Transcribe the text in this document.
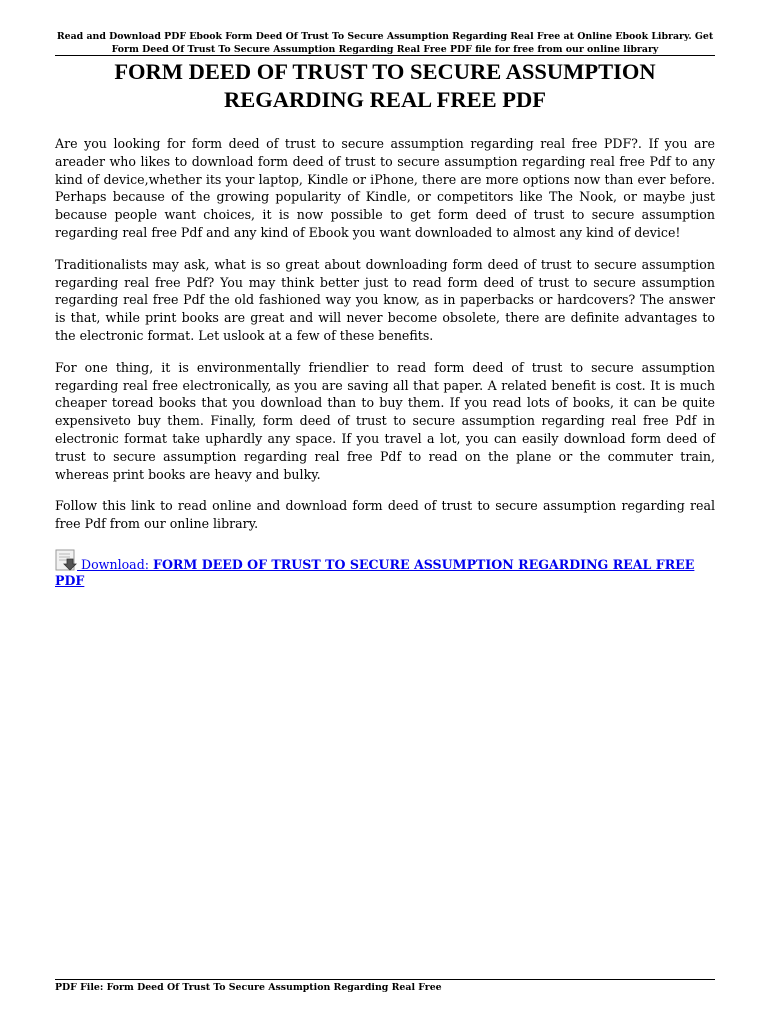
Read and Download PDF Ebook Form Deed Of Trust To Secure Assumption Regarding Real Free at Online Ebook Library. Get Form Deed Of Trust To Secure Assumption Regarding Real Free PDF file for free from our online library
FORM DEED OF TRUST TO SECURE ASSUMPTION REGARDING REAL FREE PDF

Are you looking for form deed of trust to secure assumption regarding real free PDF?. If you are areader who likes to download form deed of trust to secure assumption regarding real free Pdf to any kind of device,whether its your laptop, Kindle or iPhone, there are more options now than ever before. Perhaps because of the growing popularity of Kindle, or competitors like The Nook, or maybe just because people want choices, it is now possible to get form deed of trust to secure assumption regarding real free Pdf and any kind of Ebook you want downloaded to almost any kind of device!

Traditionalists may ask, what is so great about downloading form deed of trust to secure assumption regarding real free Pdf? You may think better just to read form deed of trust to secure assumption regarding real free Pdf the old fashioned way you know, as in paperbacks or hardcovers? The answer is that, while print books are great and will never become obsolete, there are definite advantages to the electronic format. Let uslook at a few of these benefits.

For one thing, it is environmentally friendlier to read form deed of trust to secure assumption regarding real free electronically, as you are saving all that paper. A related benefit is cost. It is much cheaper toread books that you download than to buy them. If you read lots of books, it can be quite expensiveto buy them. Finally, form deed of trust to secure assumption regarding real free Pdf in electronic format take uphardly any space. If you travel a lot, you can easily download form deed of trust to secure assumption regarding real free Pdf to read on the plane or the commuter train, whereas print books are heavy and bulky.

Follow this link to read online and download form deed of trust to secure assumption regarding real free Pdf from our online library.

Download: FORM DEED OF TRUST TO SECURE ASSUMPTION REGARDING REAL FREE PDF
PDF File: Form Deed Of Trust To Secure Assumption Regarding Real Free
